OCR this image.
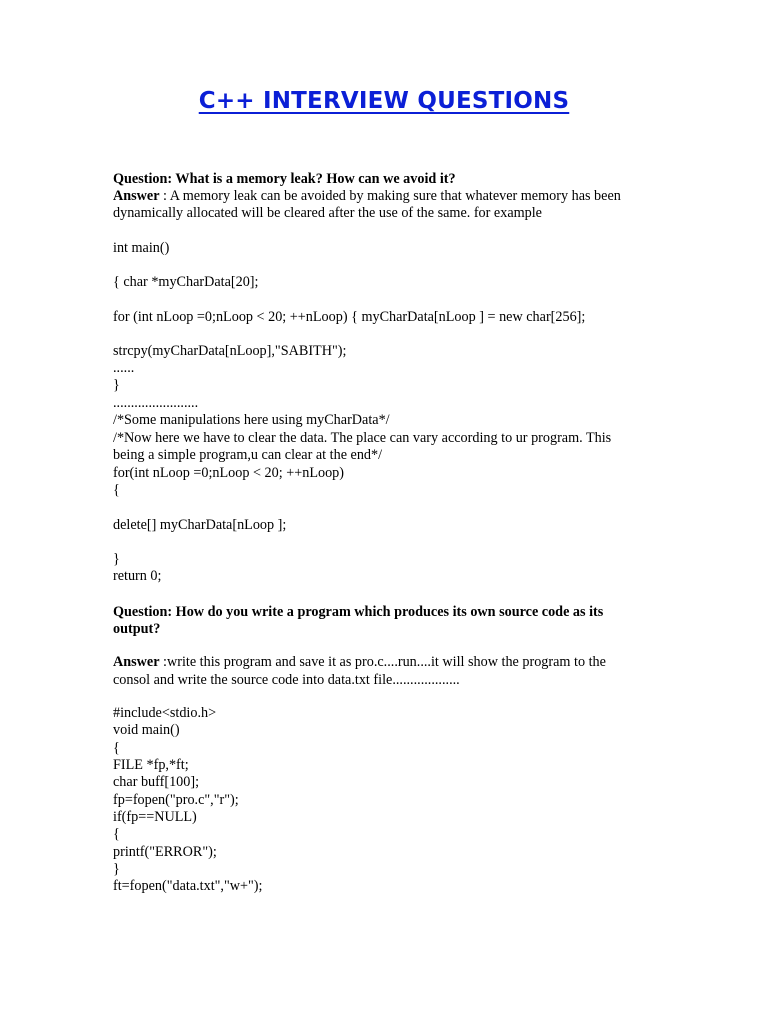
C++ INTERVIEW QUESTIONS
Question: What is a memory leak? How can we avoid it?
Answer : A memory leak can be avoided by making sure that whatever memory has been
dynamically allocated will be cleared after the use of the same. for example
int main()
{ char *myCharData[20];
for (int nLoop =0;nLoop < 20; ++nLoop) { myCharData[nLoop ] = new char[256];
strcpy(myCharData[nLoop],"SABITH");
......
}
........................
/*Some manipulations here using myCharData*/
/*Now here we have to clear the data. The place can vary according to ur program. This
being a simple program,u can clear at the end*/
for(int nLoop =0;nLoop < 20; ++nLoop)
{
delete[] myCharData[nLoop ];
}
return 0;
Question: How do you write a program which produces its own source code as its
output?
Answer :write this program and save it as pro.c....run....it will show the program to the
consol and write the source code into data.txt file...................
#include<stdio.h>
void main()
{
FILE *fp,*ft;
char buff[100];
fp=fopen("pro.c","r");
if(fp==NULL)
{
printf("ERROR");
}
ft=fopen("data.txt","w+");
